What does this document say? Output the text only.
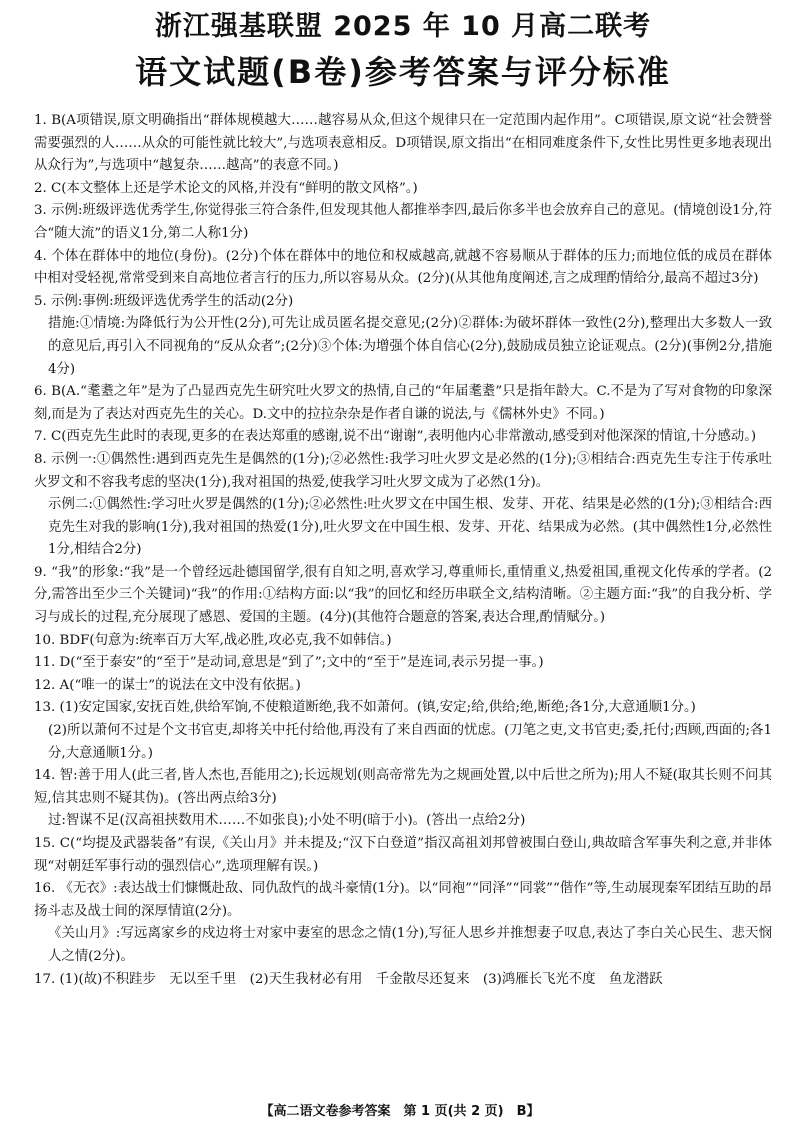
浙江强基联盟 2025 年 10 月高二联考
语文试题(B卷)参考答案与评分标准

1. B(A项错误,原文明确指出“群体规模越大……越容易从众,但这个规律只在一定范围内起作用”。C项错误,原文说“社会赞誉需要强烈的人……从众的可能性就比较大”,与选项表意相反。D项错误,原文指出“在相同难度条件下,女性比男性更多地表现出从众行为”,与选项中“越复杂……越高”的表意不同。)

2. C(本文整体上还是学术论文的风格,并没有“鲜明的散文风格”。)

3. 示例:班级评选优秀学生,你觉得张三符合条件,但发现其他人都推举李四,最后你多半也会放弃自己的意见。(情境创设1分,符合“随大流”的语义1分,第二人称1分)

4. 个体在群体中的地位(身份)。(2分)个体在群体中的地位和权威越高,就越不容易顺从于群体的压力;而地位低的成员在群体中相对受轻视,常常受到来自高地位者言行的压力,所以容易从众。(2分)(从其他角度阐述,言之成理酌情给分,最高不超过3分)

5. 示例:事例:班级评选优秀学生的活动(2分)

措施:①情境:为降低行为公开性(2分),可先让成员匿名提交意见;(2分)②群体:为破坏群体一致性(2分),整理出大多数人一致的意见后,再引入不同视角的“反从众者”;(2分)③个体:为增强个体自信心(2分),鼓励成员独立论证观点。(2分)(事例2分,措施4分)

6. B(A.“耄耋之年”是为了凸显西克先生研究吐火罗文的热情,自己的“年届耄耋”只是指年龄大。C.不是为了写对食物的印象深刻,而是为了表达对西克先生的关心。D.文中的拉拉杂杂是作者自谦的说法,与《儒林外史》不同。)

7. C(西克先生此时的表现,更多的在表达郑重的感谢,说不出“谢谢”,表明他内心非常激动,感受到对他深深的情谊,十分感动。)

8. 示例一:①偶然性:遇到西克先生是偶然的(1分);②必然性:我学习吐火罗文是必然的(1分);③相结合:西克先生专注于传承吐火罗文和不容我考虑的坚决(1分),我对祖国的热爱,使我学习吐火罗文成为了必然(1分)。

示例二:①偶然性:学习吐火罗是偶然的(1分);②必然性:吐火罗文在中国生根、发芽、开花、结果是必然的(1分);③相结合:西克先生对我的影响(1分),我对祖国的热爱(1分),吐火罗文在中国生根、发芽、开花、结果成为必然。(其中偶然性1分,必然性1分,相结合2分)

9. “我”的形象:“我”是一个曾经远赴德国留学,很有自知之明,喜欢学习,尊重师长,重情重义,热爱祖国,重视文化传承的学者。(2分,需答出至少三个关键词)“我”的作用:①结构方面:以“我”的回忆和经历串联全文,结构清晰。②主题方面:“我”的自我分析、学习与成长的过程,充分展现了感恩、爱国的主题。(4分)(其他符合题意的答案,表达合理,酌情赋分。)

10. BDF(句意为:统率百万大军,战必胜,攻必克,我不如韩信。)

11. D(“至于泰安”的“至于”是动词,意思是“到了”;文中的“至于”是连词,表示另提一事。)

12. A(“唯一的谋士”的说法在文中没有依据。)

13. (1)安定国家,安抚百姓,供给军饷,不使粮道断绝,我不如萧何。(镇,安定;给,供给;绝,断绝;各1分,大意通顺1分。)

(2)所以萧何不过是个文书官吏,却将关中托付给他,再没有了来自西面的忧虑。(刀笔之吏,文书官吏;委,托付;西顾,西面的;各1分,大意通顺1分。)

14. 智:善于用人(此三者,皆人杰也,吾能用之);长远规划(则高帝常先为之规画处置,以中后世之所为);用人不疑(取其长则不问其短,信其忠则不疑其伪)。(答出两点给3分)

过:智谋不足(汉高祖挟数用术……不如张良);小处不明(暗于小)。(答出一点给2分)

15. C(“均提及武器装备”有误,《关山月》并未提及;“汉下白登道”指汉高祖刘邦曾被围白登山,典故暗含军事失利之意,并非体现“对朝廷军事行动的强烈信心”,选项理解有误。)

16. 《无衣》:表达战士们慷慨赴敌、同仇敌忾的战斗豪情(1分)。以“同袍”“同泽”“同裳”“偕作”等,生动展现秦军团结互助的昂扬斗志及战士间的深厚情谊(2分)。

《关山月》:写远离家乡的戍边将士对家中妻室的思念之情(1分),写征人思乡并推想妻子叹息,表达了李白关心民生、悲天悯人之情(2分)。

17. (1)(故)不积跬步　无以至千里　(2)天生我材必有用　千金散尽还复来　(3)鸿雁长飞光不度　鱼龙潜跃

【高二语文卷参考答案　第 1 页(共 2 页)　B】
